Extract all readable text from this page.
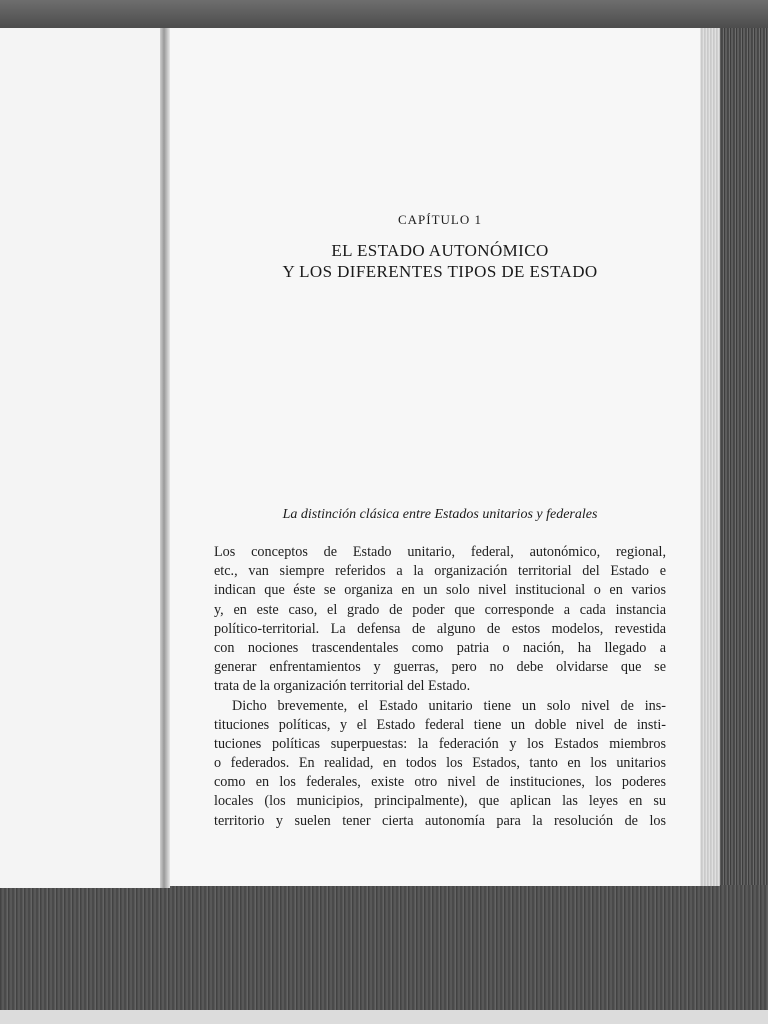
CAPÍTULO 1
EL ESTADO AUTONÓMICO
Y LOS DIFERENTES TIPOS DE ESTADO
La distinción clásica entre Estados unitarios y federales
Los conceptos de Estado unitario, federal, autonómico, regional,
etc., van siempre referidos a la organización territorial del Estado e
indican que éste se organiza en un solo nivel institucional o en varios
y, en este caso, el grado de poder que corresponde a cada instancia
político-territorial. La defensa de alguno de estos modelos, revestida
con nociones trascendentales como patria o nación, ha llegado a
generar enfrentamientos y guerras, pero no debe olvidarse que se
trata de la organización territorial del Estado.
Dicho brevemente, el Estado unitario tiene un solo nivel de ins-
tituciones políticas, y el Estado federal tiene un doble nivel de insti-
tuciones políticas superpuestas: la federación y los Estados miembros
o federados. En realidad, en todos los Estados, tanto en los unitarios
como en los federales, existe otro nivel de instituciones, los poderes
locales (los municipios, principalmente), que aplican las leyes en su
territorio y suelen tener cierta autonomía para la resolución de los
